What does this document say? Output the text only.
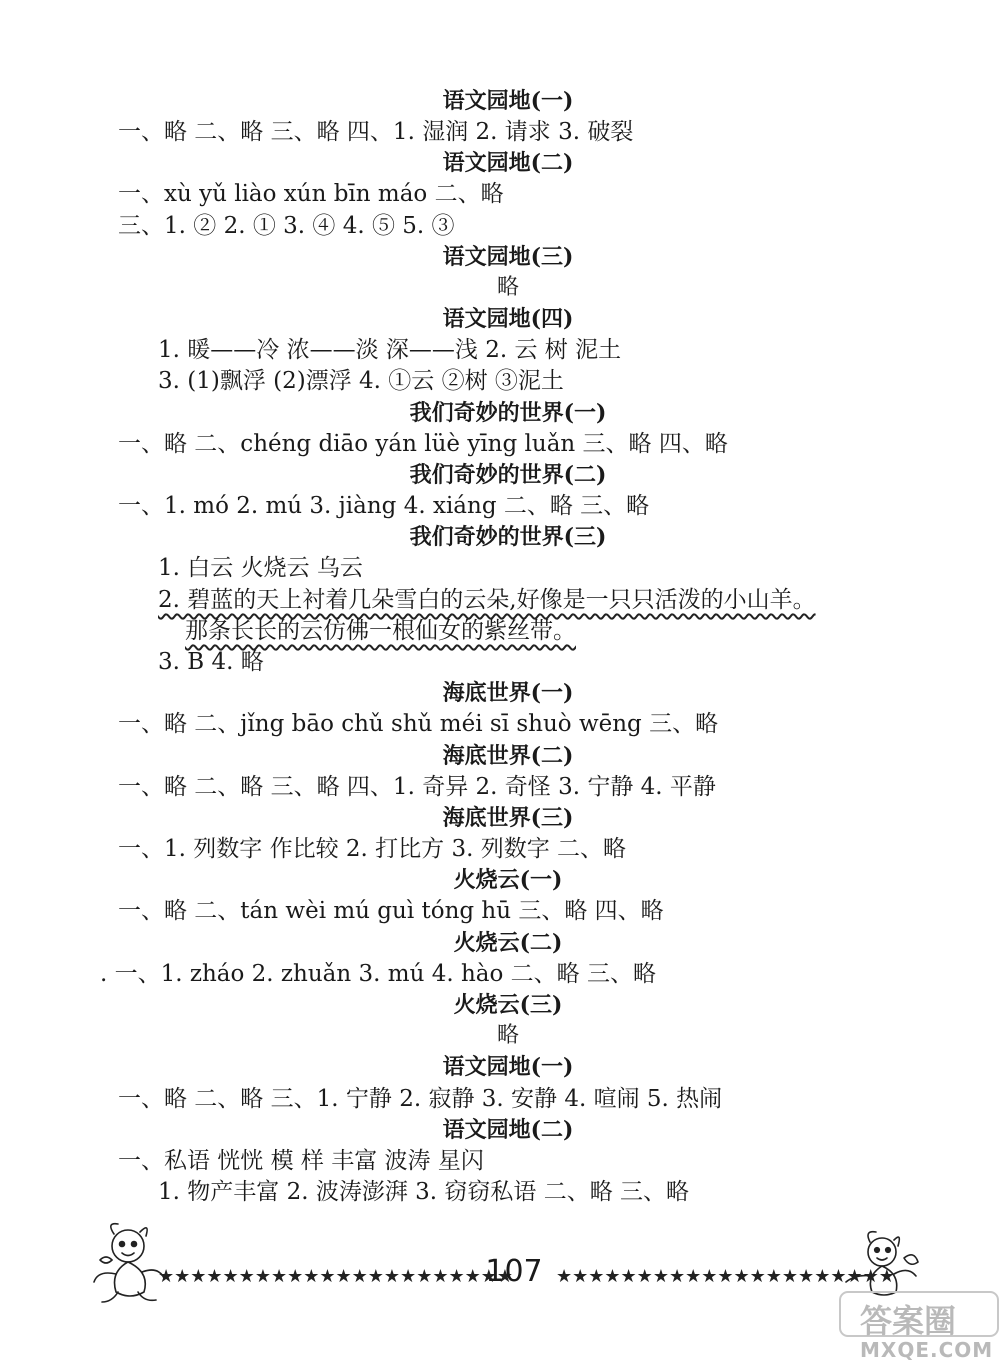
语文园地(一)
一、略 二、略 三、略 四、1. 湿润 2. 请求 3. 破裂
语文园地(二)
一、xù yǔ liào xún bīn máo 二、略
三、1. ② 2. ① 3. ④ 4. ⑤ 5. ③
语文园地(三)
略
语文园地(四)
1. 暖——冷 浓——淡 深——浅 2. 云 树 泥土
3. (1)飘浮 (2)漂浮 4. ①云 ②树 ③泥土
我们奇妙的世界(一)
一、略 二、chéng diāo yán lüè yīng luǎn 三、略 四、略
我们奇妙的世界(二)
一、1. mó 2. mú 3. jiàng 4. xiáng 二、略 三、略
我们奇妙的世界(三)
1. 白云 火烧云 乌云
2. 碧蓝的天上衬着几朵雪白的云朵,好像是一只只活泼的小山羊。
那条长长的云仿佛一根仙女的紫丝带。
3. B 4. 略
海底世界(一)
一、略 二、jǐng bāo chǔ shǔ méi sī shuò wēng 三、略
海底世界(二)
一、略 二、略 三、略 四、1. 奇异 2. 奇怪 3. 宁静 4. 平静
海底世界(三)
一、1. 列数字 作比较 2. 打比方 3. 列数字 二、略
火烧云(一)
一、略 二、tán wèi mú guì tóng hū 三、略 四、略
火烧云(二)
. 一、1. zháo 2. zhuǎn 3. mú 4. hào 二、略 三、略
火烧云(三)
略
语文园地(一)
一、略 二、略 三、1. 宁静 2. 寂静 3. 安静 4. 喧闹 5. 热闹
语文园地(二)
一、私语 恍恍 模 样 丰富 波涛 星闪
1. 物产丰富 2. 波涛澎湃 3. 窃窃私语 二、略 三、略
★★★★★★★★★★★★★★★★★★★★★★
107 ★★★★★★★★★★★★★★★★★★★★★
答案圈
MXQE.COM
